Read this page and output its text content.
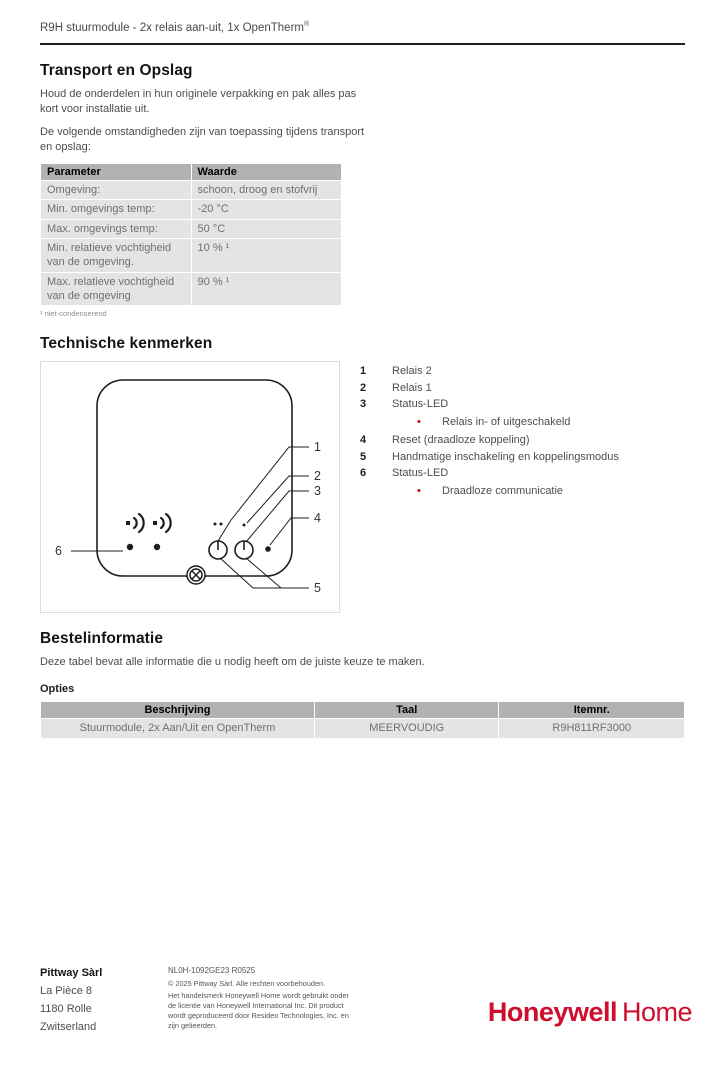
R9H stuurmodule - 2x relais aan-uit, 1x OpenTherm®
Transport en Opslag

Houd de onderdelen in hun originele verpakking en pak alles pas kort voor installatie uit.

De volgende omstandigheden zijn van toepassing tijdens transport en opslag:

Parameter	Waarde
Omgeving:	schoon, droog en stofvrij
Min. omgevings temp:	-20 °C
Max. omgevings temp:	50 °C
Min. relatieve vochtigheid van de omgeving.	10 % ¹
Max. relatieve vochtigheid van de omgeving	90 % ¹
¹ niet-condenserend
Technische kenmerken
1
2
3
4
5
6
1	Relais 2
2	Relais 1
3	Status-LED
•	Relais in- of uitgeschakeld
4	Reset (draadloze koppeling)
5	Handmatige inschakeling en koppelingsmodus
6	Status-LED
•	Draadloze communicatie
Bestelinformatie

Deze tabel bevat alle informatie die u nodig heeft om de juiste keuze te maken.

Opties
Beschrijving	Taal	Itemnr.
Stuurmodule, 2x Aan/Uit en OpenTherm	MEERVOUDIG	R9H811RF3000
Pittway Sàrl
La Pièce 8
1180 Rolle
Zwitserland
NL0H-1092GE23 R0525
© 2025 Pittway Sàrl. Alle rechten voorbehouden.
Het handelsmerk Honeywell Home wordt gebruikt onder de licentie van Honeywell International Inc. Dit product wordt geproduceerd door Resideo Technologies, Inc. en zijn gelieerden.	Honeywell Home
